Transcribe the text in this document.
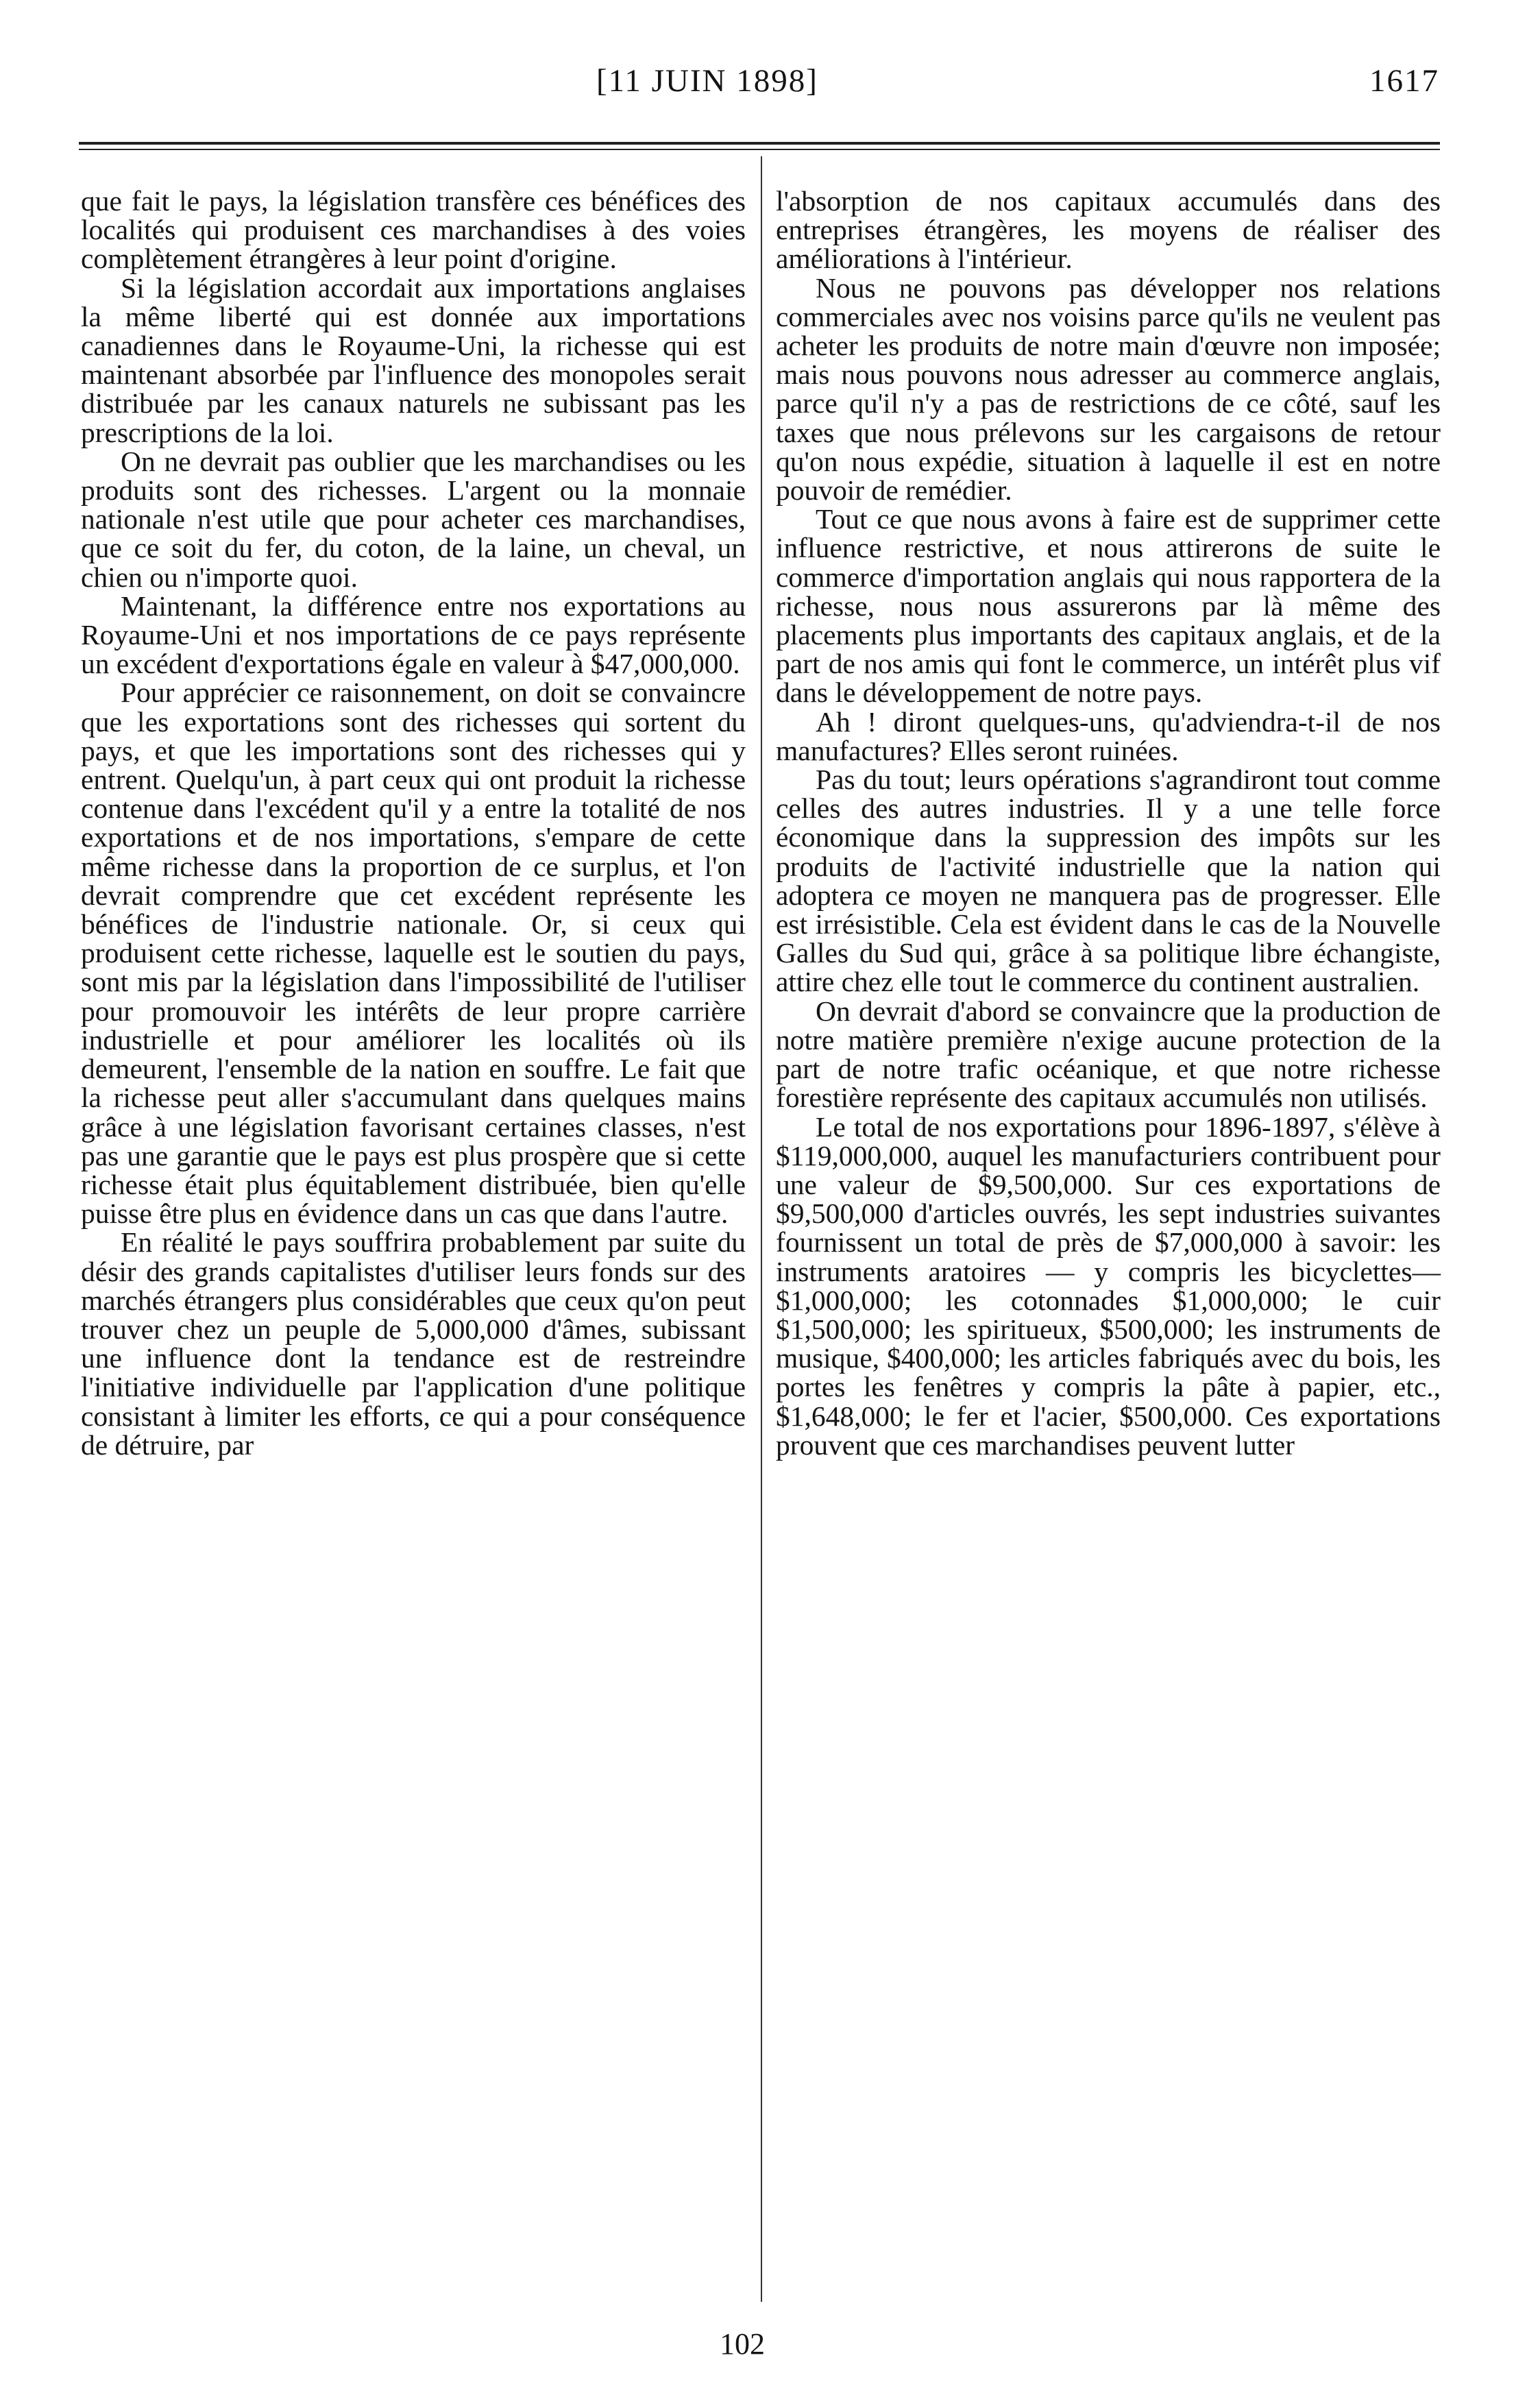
[11 JUIN 1898]	1617

que fait le pays, la législation transfère ces bénéfices des localités qui produisent ces marchandises à des voies complètement étrangères à leur point d'origine.

Si la législation accordait aux importations anglaises la même liberté qui est donnée aux importations canadiennes dans le Royaume-Uni, la richesse qui est maintenant absorbée par l'influence des monopoles serait distribuée par les canaux naturels ne subissant pas les prescriptions de la loi.

On ne devrait pas oublier que les marchandises ou les produits sont des richesses. L'argent ou la monnaie nationale n'est utile que pour acheter ces marchandises, que ce soit du fer, du coton, de la laine, un cheval, un chien ou n'importe quoi.

Maintenant, la différence entre nos exportations au Royaume-Uni et nos importations de ce pays représente un excédent d'exportations égale en valeur à $47,000,000.

Pour apprécier ce raisonnement, on doit se convaincre que les exportations sont des richesses qui sortent du pays, et que les importations sont des richesses qui y entrent. Quelqu'un, à part ceux qui ont produit la richesse contenue dans l'excédent qu'il y a entre la totalité de nos exportations et de nos importations, s'empare de cette même richesse dans la proportion de ce surplus, et l'on devrait comprendre que cet excédent représente les bénéfices de l'industrie nationale. Or, si ceux qui produisent cette richesse, laquelle est le soutien du pays, sont mis par la législation dans l'impossibilité de l'utiliser pour promouvoir les intérêts de leur propre carrière industrielle et pour améliorer les localités où ils demeurent, l'ensemble de la nation en souffre. Le fait que la richesse peut aller s'accumulant dans quelques mains grâce à une législation favorisant certaines classes, n'est pas une garantie que le pays est plus prospère que si cette richesse était plus équitablement distribuée, bien qu'elle puisse être plus en évidence dans un cas que dans l'autre.

En réalité le pays souffrira probablement par suite du désir des grands capitalistes d'utiliser leurs fonds sur des marchés étrangers plus considérables que ceux qu'on peut trouver chez un peuple de 5,000,000 d'âmes, subissant une influence dont la tendance est de restreindre l'initiative individuelle par l'application d'une politique consistant à limiter les efforts, ce qui a pour conséquence de détruire, par

l'absorption de nos capitaux accumulés dans des entreprises étrangères, les moyens de réaliser des améliorations à l'intérieur.

Nous ne pouvons pas développer nos relations commerciales avec nos voisins parce qu'ils ne veulent pas acheter les produits de notre main d'œuvre non imposée; mais nous pouvons nous adresser au commerce anglais, parce qu'il n'y a pas de restrictions de ce côté, sauf les taxes que nous prélevons sur les cargaisons de retour qu'on nous expédie, situation à laquelle il est en notre pouvoir de remédier.

Tout ce que nous avons à faire est de supprimer cette influence restrictive, et nous attirerons de suite le commerce d'importation anglais qui nous rapportera de la richesse, nous nous assurerons par là même des placements plus importants des capitaux anglais, et de la part de nos amis qui font le commerce, un intérêt plus vif dans le développement de notre pays.

Ah ! diront quelques-uns, qu'adviendra-t-il de nos manufactures? Elles seront ruinées.

Pas du tout; leurs opérations s'agrandiront tout comme celles des autres industries. Il y a une telle force économique dans la suppression des impôts sur les produits de l'activité industrielle que la nation qui adoptera ce moyen ne manquera pas de progresser. Elle est irrésistible. Cela est évident dans le cas de la Nouvelle Galles du Sud qui, grâce à sa politique libre échangiste, attire chez elle tout le commerce du continent australien.

On devrait d'abord se convaincre que la production de notre matière première n'exige aucune protection de la part de notre trafic océanique, et que notre richesse forestière représente des capitaux accumulés non utilisés.

Le total de nos exportations pour 1896-1897, s'élève à $119,000,000, auquel les manufacturiers contribuent pour une valeur de $9,500,000. Sur ces exportations de $9,500,000 d'articles ouvrés, les sept industries suivantes fournissent un total de près de $7,000,000 à savoir: les instruments aratoires — y compris les bicyclettes—$1,000,000; les cotonnades $1,000,000; le cuir $1,500,000; les spiritueux, $500,000; les instruments de musique, $400,000; les articles fabriqués avec du bois, les portes les fenêtres y compris la pâte à papier, etc., $1,648,000; le fer et l'acier, $500,000. Ces exportations prouvent que ces marchandises peuvent lutter

102
